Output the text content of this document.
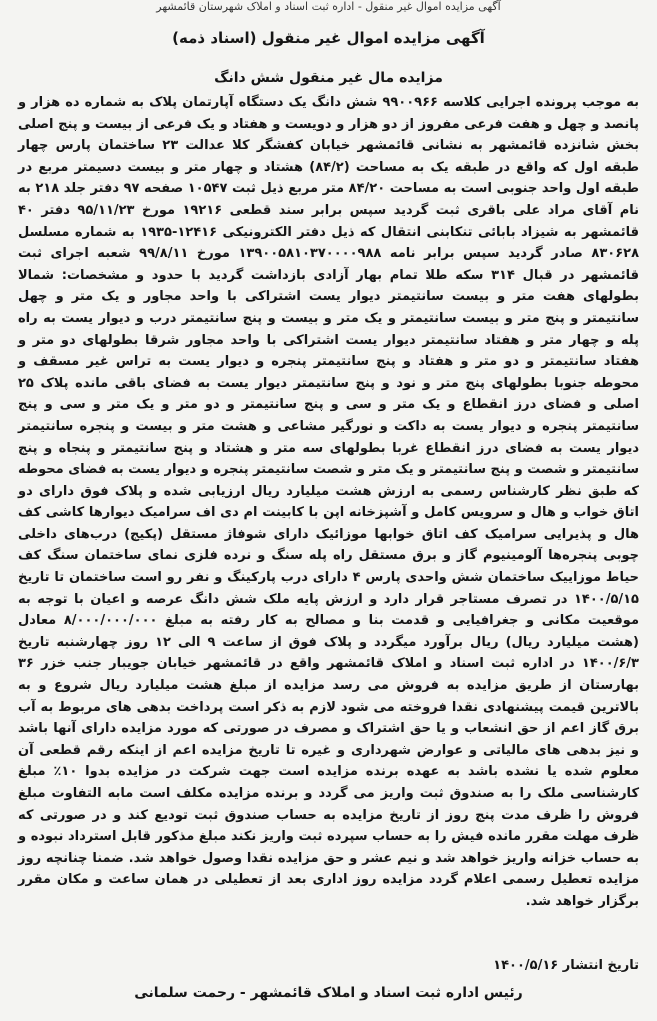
آگهی مزایده اموال غیر منقول - اداره ثبت اسناد و املاک شهرستان قائمشهر
آگهی مزایده اموال غیر منقول (اسناد ذمه)
مزایده مال غیر منقول شش دانگ

به موجب پرونده اجرایی کلاسه ۹۹۰۰۹۶۶ شش دانگ یک دستگاه آپارتمان پلاک به شماره ده هزار و پانصد و چهل و هفت فرعی مفروز از دو هزار و دویست و هفتاد و یک فرعی از بیست و پنج اصلی بخش شانزده قائمشهر به نشانی قائمشهر خیابان کفشگر کلا عدالت ۲۳ ساختمان پارس چهار طبقه اول که واقع در طبقه یک به مساحت (۸۴/۲) هشتاد و چهار متر و بیست دسیمتر مربع در طبقه اول واحد جنوبی است به مساحت ۸۴/۲۰ متر مربع ذیل ثبت ۱۰۵۴۷ صفحه ۹۷ دفتر جلد ۲۱۸ به نام آقای مراد علی باقری ثبت گردید سپس برابر سند قطعی ۱۹۲۱۶ مورخ ۹۵/۱۱/۲۳ دفتر ۴۰ قائمشهر به شیزاد بابائی تنکابنی انتقال که ذیل دفتر الکترونیکی ۱۲۴۱۶-۱۹۳۵ به شماره مسلسل ۸۳۰۶۲۸ صادر گردید سپس برابر نامه ۱۳۹۰۰۵۸۱۰۳۷۰۰۰۰۹۸۸ مورخ ۹۹/۸/۱۱ شعبه اجرای ثبت قائمشهر در قبال ۳۱۴ سکه طلا تمام بهار آزادی بازداشت گردید با حدود و مشخصات: شمالا بطولهای هفت متر و بیست سانتیمتر دیوار یست اشتراکی با واحد مجاور و یک متر و چهل سانتیمتر و پنج متر و بیست سانتیمتر و یک متر و بیست و پنج سانتیمتر درب و دیوار یست به راه پله و چهار متر و هفتاد سانتیمتر دیوار یست اشتراکی با واحد مجاور شرقا بطولهای دو متر و هفتاد سانتیمتر و دو متر و هفتاد و پنج سانتیمتر پنجره و دیوار یست به تراس غیر مسقف و محوطه جنوبا بطولهای پنج متر و نود و پنج سانتیمتر دیوار یست به فضای باقی مانده پلاک ۲۵ اصلی و فضای درز انقطاع و یک متر و سی و پنج سانتیمتر و دو متر و یک متر و سی و پنج سانتیمتر پنجره و دیوار یست به داکت و نورگیر مشاعی و هشت متر و بیست و پنجره سانتیمتر دیوار یست به فضای درز انقطاع غربا بطولهای سه متر و هشتاد و پنج سانتیمتر و پنجاه و پنج سانتیمتر و شصت و پنج سانتیمتر و یک متر و شصت سانتیمتر پنجره و دیوار یست به فضای محوطه که طبق نظر کارشناس رسمی به ارزش هشت میلیارد ریال ارزیابی شده و پلاک فوق دارای دو اتاق خواب و هال و سرویس کامل و آشپزخانه اپن با کابینت ام دی اف سرامیک دیوارها کاشی کف هال و پذیرایی سرامیک کف اتاق خوابها موزائیک دارای شوفاژ مستقل (پکیج) درب‌های داخلی چوبی پنجره‌ها آلومینیوم گاز و برق مستقل راه پله سنگ و نرده فلزی نمای ساختمان سنگ کف حیاط موزاییک ساختمان شش واحدی پارس ۴ دارای درب پارکینگ و نفر رو است ساختمان تا تاریخ ۱۴۰۰/۵/۱۵ در تصرف مستاجر قرار دارد و ارزش پایه ملک شش دانگ عرصه و اعیان با توجه به موقعیت مکانی و جغرافیایی و قدمت بنا و مصالح به کار رفته به مبلغ ۸/۰۰۰/۰۰۰/۰۰۰ معادل (هشت میلیارد ریال) ریال برآورد میگردد و پلاک فوق از ساعت ۹ الی ۱۲ روز چهارشنبه تاریخ ۱۴۰۰/۶/۳ در اداره ثبت اسناد و املاک قائمشهر واقع در قائمشهر خیابان جویبار جنب خزر ۳۶ بهارستان از طریق مزایده به فروش می رسد مزایده از مبلغ هشت میلیارد ریال شروع و به بالاترین قیمت پیشنهادی نقدا فروخته می شود لازم به ذکر است پرداخت بدهی های مربوط به آب برق گاز اعم از حق انشعاب و یا حق اشتراک و مصرف در صورتی که مورد مزایده دارای آنها باشد و نیز بدهی های مالیاتی و عوارض شهرداری و غیره تا تاریخ مزایده اعم از اینکه رقم قطعی آن معلوم شده یا نشده باشد به عهده برنده مزایده است جهت شرکت در مزایده بدوا ۱۰٪ مبلغ کارشناسی ملک را به صندوق ثبت واریز می گردد و برنده مزایده مکلف است مابه التفاوت مبلغ فروش را ظرف مدت پنج روز از تاریخ مزایده به حساب صندوق ثبت تودیع کند و در صورتی که ظرف مهلت مقرر مانده فیش را به حساب سپرده ثبت واریز نکند مبلغ مذکور قابل استرداد نبوده و به حساب خزانه واریز خواهد شد و نیم عشر و حق مزایده نقدا وصول خواهد شد. ضمنا چنانچه روز مزایده تعطیل رسمی اعلام گردد مزایده روز اداری بعد از تعطیلی در همان ساعت و مکان مقرر برگزار خواهد شد.

تاریخ انتشار ۱۴۰۰/۵/۱۶
رئیس اداره ثبت اسناد و املاک قائمشهر - رحمت سلمانی
